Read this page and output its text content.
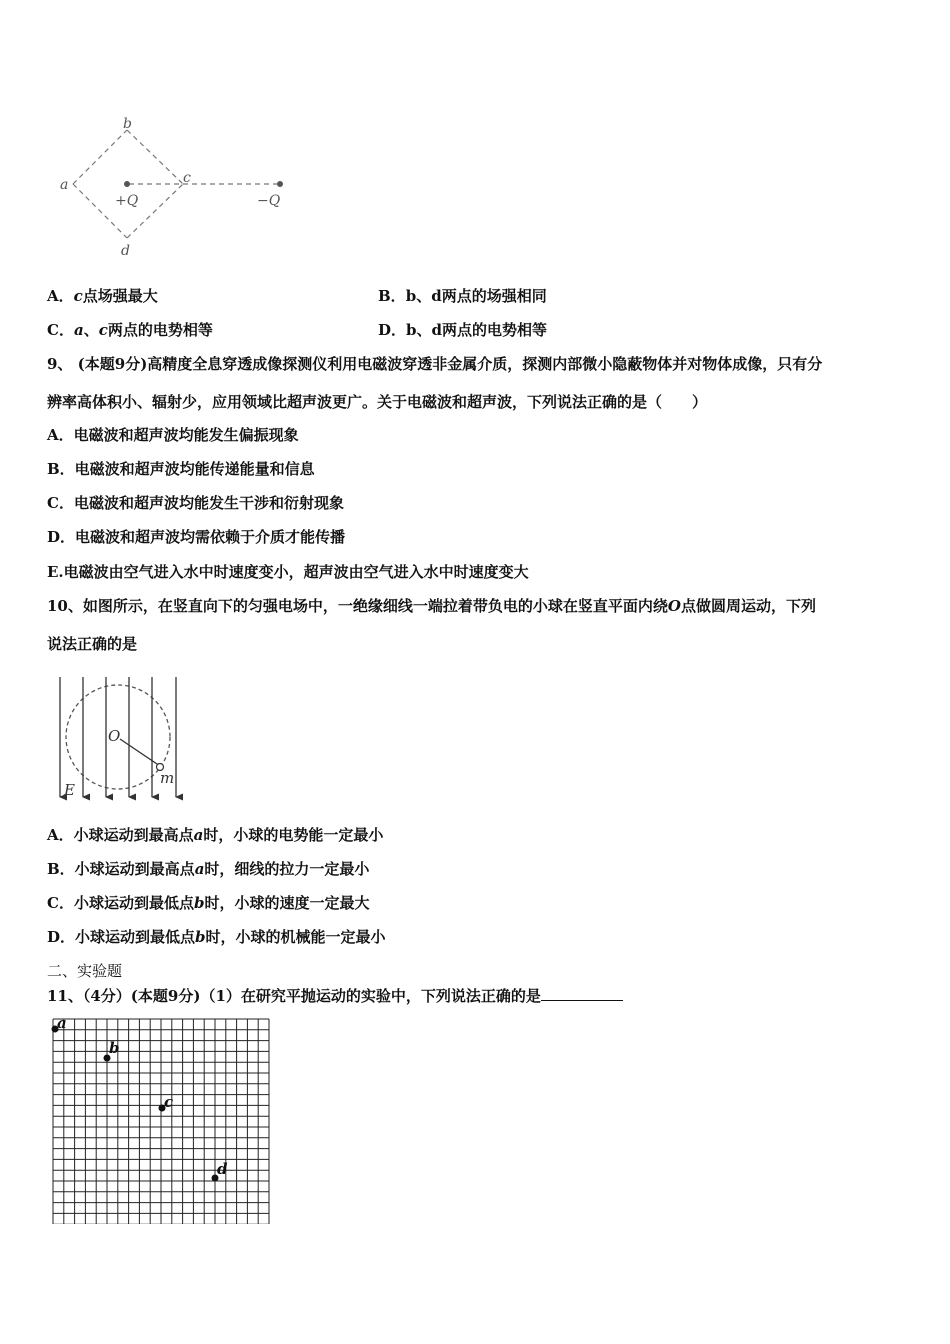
a
b
c
d
+Q	−Q
A．c点场强最大	B．b、d两点的场强相同
C．a、c两点的电势相等	D．b、d两点的电势相等
9、 (本题9分)高精度全息穿透成像探测仪利用电磁波穿透非金属介质，探测内部微小隐蔽物体并对物体成像，只有分
辨率高体积小、辐射少，应用领域比超声波更广。关于电磁波和超声波，下列说法正确的是（　　）
A．电磁波和超声波均能发生偏振现象
B．电磁波和超声波均能传递能量和信息
C．电磁波和超声波均能发生干涉和衍射现象
D．电磁波和超声波均需依赖于介质才能传播
E.电磁波由空气进入水中时速度变小，超声波由空气进入水中时速度变大
10、如图所示，在竖直向下的匀强电场中，一绝缘细线一端拉着带负电的小球在竖直平面内绕O点做圆周运动，下列
说法正确的是
O
m
E
A．小球运动到最高点a时，小球的电势能一定最小
B．小球运动到最高点a时，细线的拉力一定最小
C．小球运动到最低点b时，小球的速度一定最大
D．小球运动到最低点b时，小球的机械能一定最小
二、实验题
11、（4分）(本题9分)（1）在研究平抛运动的实验中，下列说法正确的是
a
b
c
d
